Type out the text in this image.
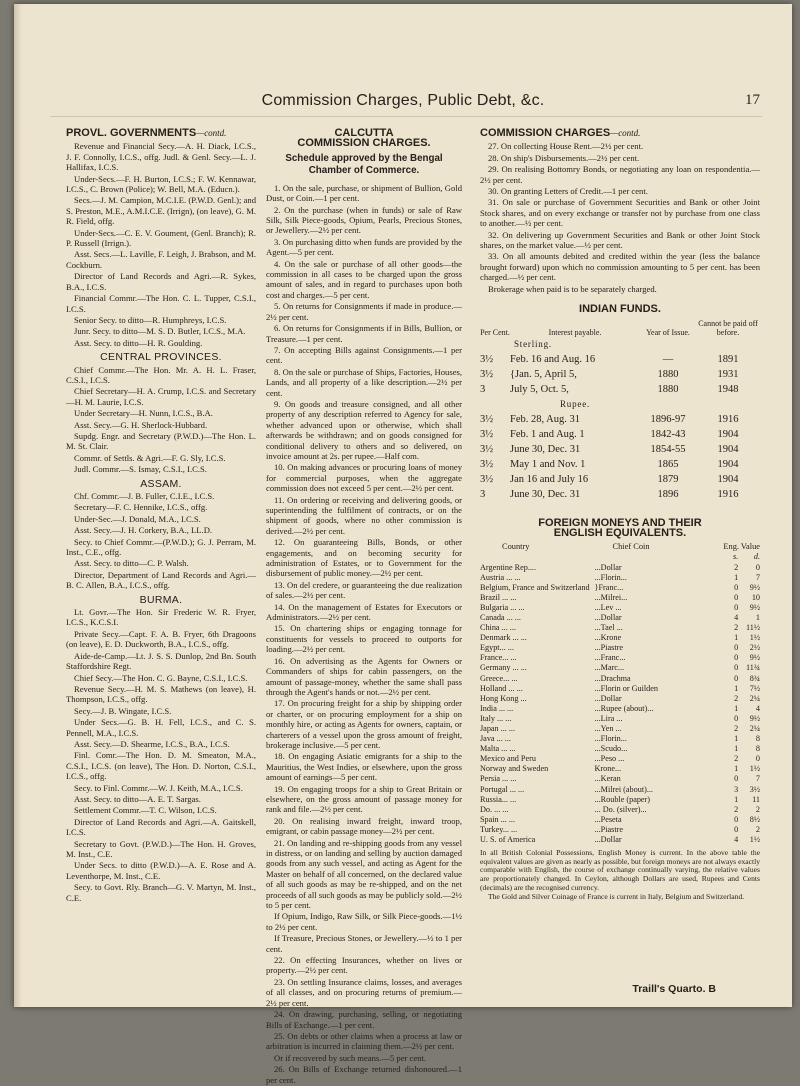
Commission Charges, Public Debt, &c.	17
PROVL. GOVERNMENTS—contd.

Revenue and Financial Secy.—A. H. Diack, I.C.S., J. F. Connolly, I.C.S., offg. Judl. & Genl. Secy.—L. J. Hallifax, I.C.S.

Under-Secs.—F. H. Burton, I.C.S.; F. W. Kennawar, I.C.S., C. Brown (Police); W. Bell, M.A. (Educn.).

Secs.—J. M. Campion, M.C.I.E. (P.W.D. Genl.); and S. Preston, M.E., A.M.I.C.E. (Irrign), (on leave), G. M. R. Field, offg.

Under-Secs.—C. E. V. Goument, (Genl. Branch); R. P. Russell (Irrign.).

Asst. Secs.—L. Laville, F. Leigh, J. Brabson, and M. Cockburn.

Director of Land Records and Agri.—R. Sykes, B.A., I.C.S.

Financial Commr.—The Hon. C. L. Tupper, C.S.I., I.C.S.

Senior Secy. to ditto—R. Humphreys, I.C.S.

Junr. Secy. to ditto—M. S. D. Butler, I.C.S., M.A.

Asst. Secy. to ditto—H. R. Goulding.

CENTRAL PROVINCES.

Chief Commr.—The Hon. Mr. A. H. L. Fraser, C.S.I., I.C.S.

Chief Secretary—H. A. Crump, I.C.S. and Secretary—H. M. Laurie, I.C.S.

Under Secretary—H. Nunn, I.C.S., B.A.

Asst. Secy.—G. H. Sherlock-Hubbard.

Supdg. Engr. and Secretary (P.W.D.)—The Hon. L. M. St. Clair.

Commr. of Settls. & Agri.—F. G. Sly, I.C.S.

Judl. Commr.—S. Ismay, C.S.I., I.C.S.

ASSAM.

Chf. Commr.—J. B. Fuller, C.I.E., I.C.S.

Secretary—F. C. Hennike, I.C.S., offg.

Under-Sec.—J. Donald, M.A., I.C.S.

Asst. Secy.—J. H. Corkery, B.A., LL.D.

Secy. to Chief Commr.—(P.W.D.); G. J. Perram, M. Inst., C.E., offg.

Asst. Secy. to ditto—C. P. Walsh.

Director, Department of Land Records and Agri.—B. C. Allen, B.A., I.C.S., offg.

BURMA.

Lt. Govr.—The Hon. Sir Frederic W. R. Fryer, I.C.S., K.C.S.I.

Private Secy.—Capt. F. A. B. Fryer, 6th Dragoons (on leave), E. D. Duckworth, B.A., I.C.S., offg.

Aide-de-Camp.—Lt. J. S. S. Dunlop, 2nd Bn. South Staffordshire Regt.

Chief Secy.—The Hon. C. G. Bayne, C.S.I., I.C.S.

Revenue Secy.—H. M. S. Mathews (on leave), H. Thompson, I.C.S., offg.

Secy.—J. B. Wingate, I.C.S.

Under Secs.—G. B. H. Fell, I.C.S., and C. S. Pennell, M.A., I.C.S.

Asst. Secy.—D. Shearme, I.C.S., B.A., I.C.S.

Finl. Comr.—The Hon. D. M. Smeaton, M.A., C.S.I., I.C.S. (on leave), The Hon. D. Norton, C.S.I., I.C.S., offg.

Secy. to Finl. Commr.—W. J. Keith, M.A., I.C.S.

Asst. Secy. to ditto—A. E. T. Sargas.

Settlement Commr.—T. C. Wilson, I.C.S.

Director of Land Records and Agri.—A. Gaitskell, I.C.S.

Secretary to Govt. (P.W.D.)—The Hon. H. Groves, M. Inst., C.E.

Under Secs. to ditto (P.W.D.)—A. E. Rose and A. Leventhorpe, M. Inst., C.E.

Secy. to Govt. Rly. Branch—G. V. Martyn, M. Inst., C.E.

CALCUTTA
COMMISSION CHARGES.
Schedule approved by the Bengal Chamber of Commerce.

1. On the sale, purchase, or shipment of Bullion, Gold Dust, or Coin.—1 per cent.

2. On the purchase (when in funds) or sale of Raw Silk, Silk Piece-goods, Opium, Pearls, Precious Stones, or Jewellery.—2½ per cent.

3. On purchasing ditto when funds are provided by the Agent.—5 per cent.

4. On the sale or purchase of all other goods—the commission in all cases to be charged upon the gross amount of sales, and in regard to purchases upon both cost and charges.—5 per cent.

5. On returns for Consignments if made in produce.—2½ per cent.

6. On returns for Consignments if in Bills, Bullion, or Treasure.—1 per cent.

7. On accepting Bills against Consignments.—1 per cent.

8. On the sale or purchase of Ships, Factories, Houses, Lands, and all property of a like description.—2½ per cent.

9. On goods and treasure consigned, and all other property of any description referred to Agency for sale, whether advanced upon or otherwise, which shall afterwards be withdrawn; and on goods consigned for conditional delivery to others and so delivered, on invoice amount at 2s. per rupee.—Half com.

10. On making advances or procuring loans of money for commercial purposes, when the aggregate commission does not exceed 5 per cent.—2½ per cent.

11. On ordering or receiving and delivering goods, or superintending the fulfilment of contracts, or on the shipment of goods, where no other commission is derived.—2½ per cent.

12. On guaranteeing Bills, Bonds, or other engagements, and on becoming security for administration of Estates, or to Government for the disbursement of public money.—2½ per cent.

13. On del credere, or guaranteeing the due realization of sales.—2½ per cent.

14. On the management of Estates for Executors or Administrators.—2½ per cent.

15. On chartering ships or engaging tonnage for constituents for vessels to proceed to outports for loading.—2½ per cent.

16. On advertising as the Agents for Owners or Commanders of ships for cabin passengers, on the amount of passage-money, whether the same shall pass through the Agent's hands or not.—2½ per cent.

17. On procuring freight for a ship by shipping order or charter, or on procuring employment for a ship on monthly hire, or acting as Agents for owners, captain, or charterers of a vessel upon the gross amount of freight, brokerage inclusive.—5 per cent.

18. On engaging Asiatic emigrants for a ship to the Mauritius, the West Indies, or elsewhere, upon the gross amount of earnings—5 per cent.

19. On engaging troops for a ship to Great Britain or elsewhere, on the gross amount of passage money for rank and file.—2½ per cent.

20. On realising inward freight, inward troop, emigrant, or cabin passage money—2½ per cent.

21. On landing and re-shipping goods from any vessel in distress, or on landing and selling by auction damaged goods from any such vessel, and acting as Agent for the Master on behalf of all concerned, on the declared value of all such goods as may be re-shipped, and on the net proceeds of all such goods as may be publicly sold.—2½ to 5 per cent.

If Opium, Indigo, Raw Silk, or Silk Piece-goods.—1½ to 2½ per cent.

If Treasure, Precious Stones, or Jewellery.—½ to 1 per cent.

22. On effecting Insurances, whether on lives or property.—2½ per cent.

23. On settling Insurance claims, losses, and averages of all classes, and on procuring returns of premium.—2½ per cent.

24. On drawing, purchasing, selling, or negotiating Bills of Exchange.—1 per cent.

25. On debts or other claims when a process at law or arbitration is incurred in claiming them.—2½ per cent.

Or if recovered by such means.—5 per cent.

26. On Bills of Exchange returned dishonoured.—1 per cent.

COMMISSION CHARGES—contd.

27. On collecting House Rent.—2½ per cent.

28. On ship's Disbursements.—2½ per cent.

29. On realising Bottomry Bonds, or negotiating any loan on respondentia.—2½ per cent.

30. On granting Letters of Credit.—1 per cent.

31. On sale or purchase of Government Securities and Bank or other Joint Stock shares, and on every exchange or transfer not by purchase from one class to another.—½ per cent.

32. On delivering up Government Securities and Bank or other Joint Stock shares, on the market value.—½ per cent.

33. On all amounts debited and credited within the year (less the balance brought forward) upon which no commission amounting to 5 per cent. has been charged.—½ per cent.

Brokerage when paid is to be separately charged.

INDIAN FUNDS.
Per Cent.	Interest payable.	Year of Issue.	Cannot be paid off before.
	Sterling.		
3½	Feb. 16 and Aug. 16	—	1891
3½	{Jan. 5, April 5,	1880	1931
3	July 5, Oct. 5,	1880	1948
	Rupee.		
3½	Feb. 28, Aug. 31	1896-97	1916
3½	Feb. 1 and Aug. 1	1842-43	1904
3½	June 30, Dec. 31	1854-55	1904
3½	May 1 and Nov. 1	1865	1904
3½	Jan 16 and July 16	1879	1904
3	June 30, Dec. 31	1896	1916
FOREIGN MONEYS AND THEIR
ENGLISH EQUIVALENTS.
Country	Chief Coin	Eng. Value	
		s.	d.
Argentine Rep....	...Dollar	2	0
Austria ... ...	...Florin...	1	7
Belgium, France and Switzerland	}Franc...	0	9½
Brazil ... ...	...Milrei...	0	10
Bulgaria ... ...	...Lev ...	0	9½
Canada ... ...	...Dollar	4	1
China ... ...	...Tael ...	2	11½
Denmark ... ...	...Krone	1	1½
Egypt... ...	...Piastre	0	2½
France... ...	...Franc...	0	9½
Germany ... ...	...Marc...	0	11¾
Greece... ...	...Drachma	0	8¾
Holland ... ...	...Florin or Guilden	1	7½
Hong Kong ...	...Dollar	2	2¼
India ... ...	...Rupee (about)...	1	4
Italy ... ...	...Lira ...	0	9½
Japan ... ...	...Yen ...	2	2¼
Java ... ...	...Florin...	1	8
Malta ... ...	...Scudo...	1	8
Mexico and Peru	...Peso ...	2	0
Norway and Sweden	Krone...	1	1½
Persia ... ...	...Keran	0	7
Portugal ... ...	...Milrei (about)...	3	3½
Russia... ...	...Rouble (paper)	1	11
Do. ... ...	... Do. (silver)...	2	2
Spain ... ...	...Peseta	0	8½
Turkey... ...	...Piastre	0	2
U. S. of America	...Dollar	4	1½
In all British Colonial Possessions, English Money is current. In the above table the equivalent values are given as nearly as possible, but foreign moneys are not always exactly comparable with English, the course of exchange continually varying, the relative values are proportionately changed. In Ceylon, although Dollars are used, Rupees and Cents (decimals) are the recognised currency.
The Gold and Silver Coinage of France is current in Italy, Belgium and Switzerland.
Traill's Quarto. B
